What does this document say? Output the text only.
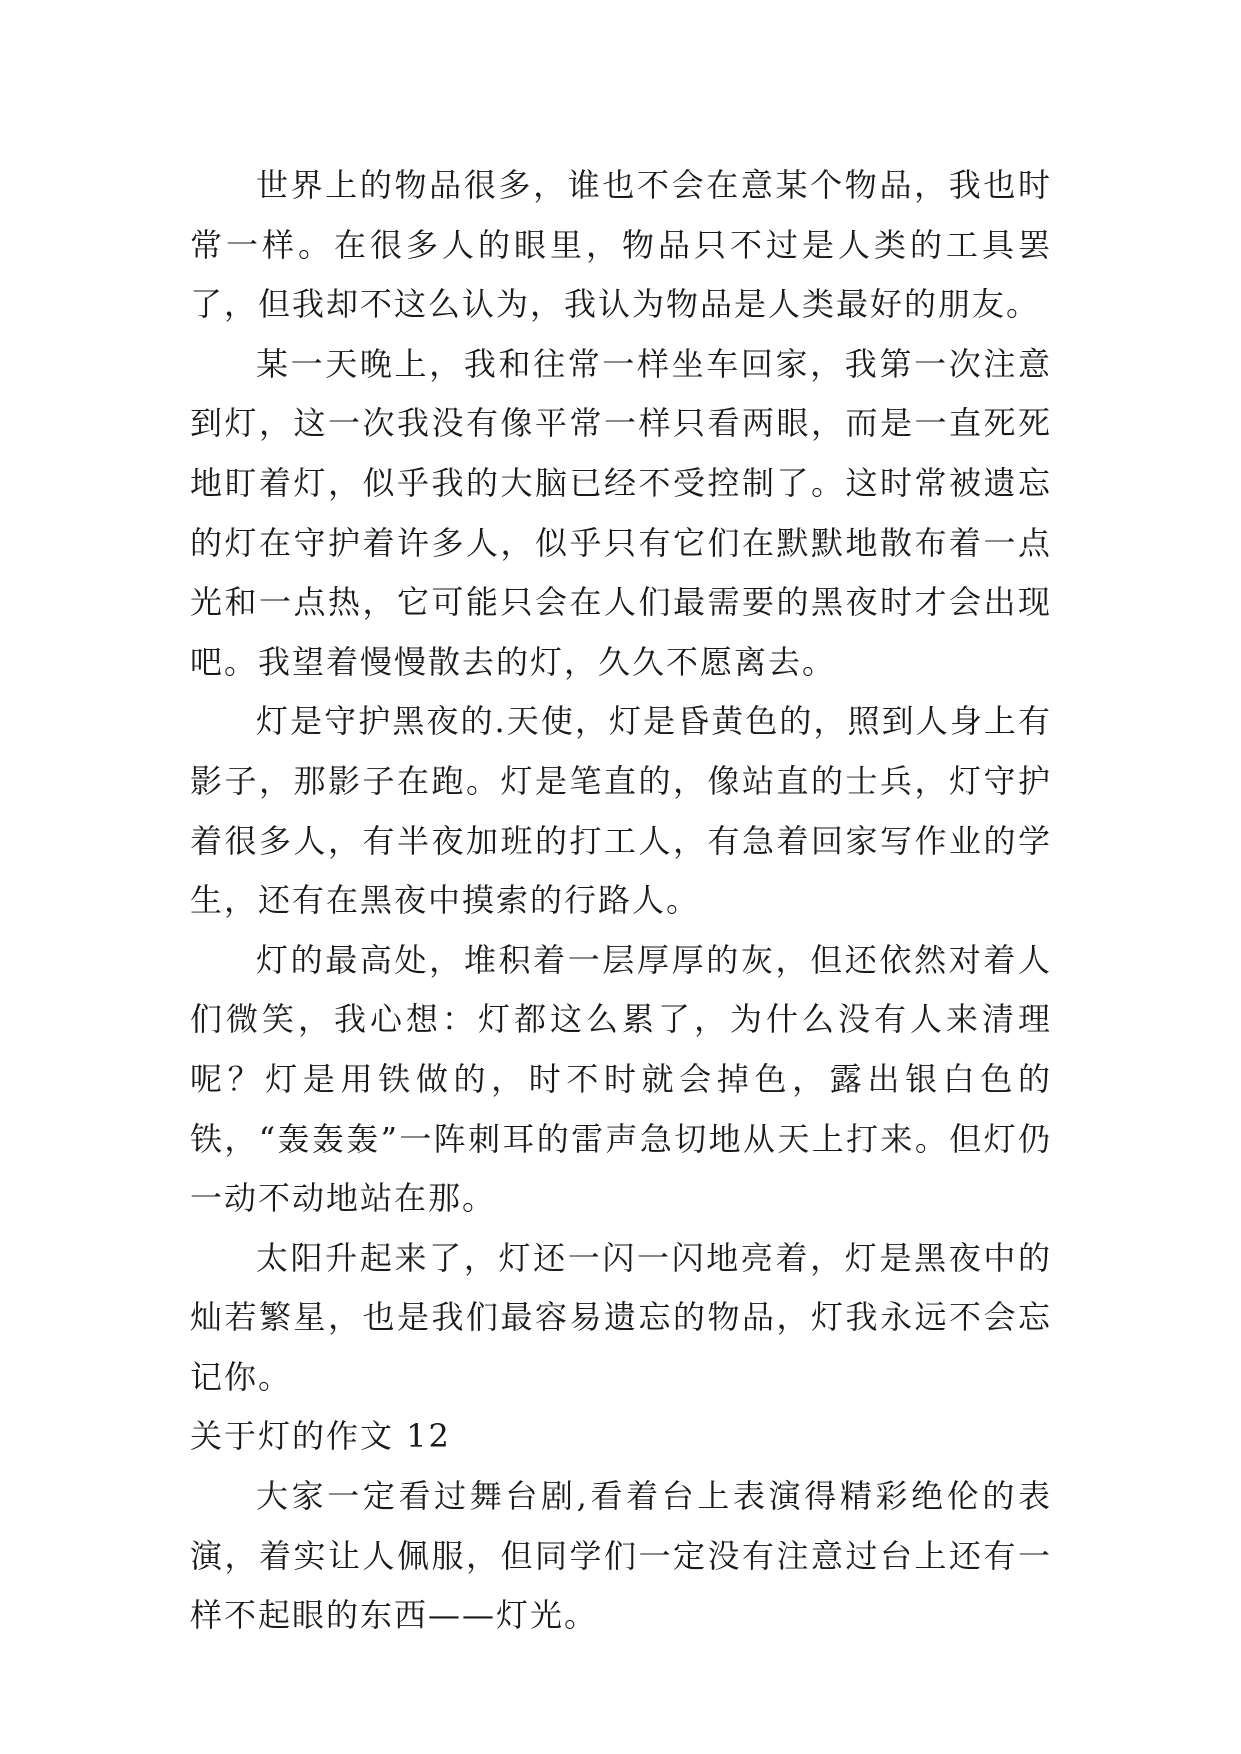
世界上的物品很多，谁也不会在意某个物品，我也时常一样。在很多人的眼里，物品只不过是人类的工具罢了，但我却不这么认为，我认为物品是人类最好的朋友。

某一天晚上，我和往常一样坐车回家，我第一次注意到灯，这一次我没有像平常一样只看两眼，而是一直死死地盯着灯，似乎我的大脑已经不受控制了。这时常被遗忘的灯在守护着许多人，似乎只有它们在默默地散布着一点光和一点热，它可能只会在人们最需要的黑夜时才会出现吧。我望着慢慢散去的灯，久久不愿离去。

灯是守护黑夜的.天使，灯是昏黄色的，照到人身上有影子，那影子在跑。灯是笔直的，像站直的士兵，灯守护着很多人，有半夜加班的打工人，有急着回家写作业的学生，还有在黑夜中摸索的行路人。

灯的最高处，堆积着一层厚厚的灰，但还依然对着人们微笑，我心想：灯都这么累了，为什么没有人来清理呢？灯是用铁做的，时不时就会掉色，露出银白色的铁，“轰轰轰”一阵刺耳的雷声急切地从天上打来。但灯仍一动不动地站在那。

太阳升起来了，灯还一闪一闪地亮着，灯是黑夜中的灿若繁星，也是我们最容易遗忘的物品，灯我永远不会忘记你。

关于灯的作文 12

大家一定看过舞台剧,看着台上表演得精彩绝伦的表演，着实让人佩服，但同学们一定没有注意过台上还有一样不起眼的东西——灯光。
